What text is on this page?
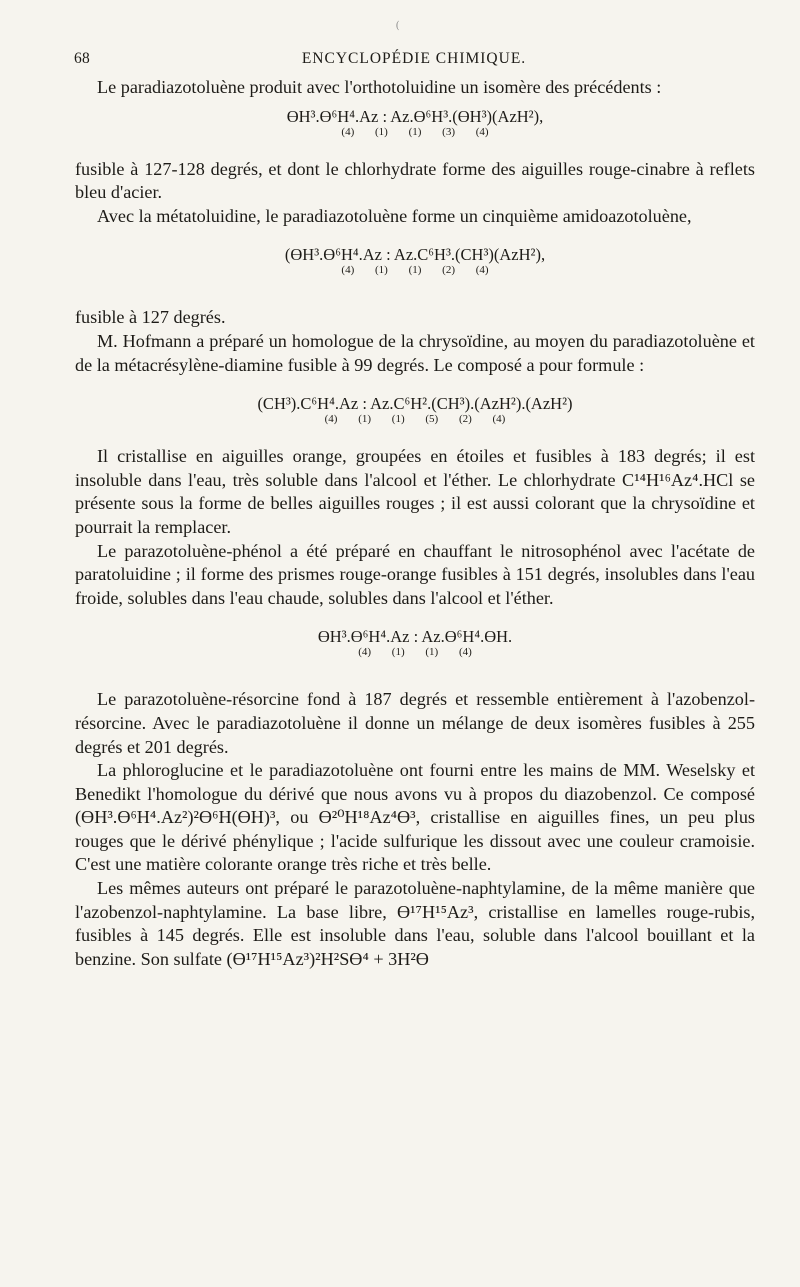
(
68	ENCYCLOPÉDIE CHIMIQUE.

Le paradiazotoluène produit avec l'orthotoluidine un isomère des précédents :

ƟH³.Ɵ⁶H⁴.Az : Az.Ɵ⁶H³.(ƟH³)(AzH²),
(4) (1) (1) (3) (4)

fusible à 127-128 degrés, et dont le chlorhydrate forme des aiguilles rouge-cinabre à reflets bleu d'acier.

Avec la métatoluidine, le paradiazotoluène forme un cinquième amidoazotoluène,

(ƟH³.Ɵ⁶H⁴.Az : Az.C⁶H³.(CH³)(AzH²),
(4) (1) (1) (2) (4)

fusible à 127 degrés.

M. Hofmann a préparé un homologue de la chrysoïdine, au moyen du paradiazotoluène et de la métacrésylène-diamine fusible à 99 degrés. Le composé a pour formule :

(CH³).C⁶H⁴.Az : Az.C⁶H².(CH³).(AzH²).(AzH²)
(4) (1) (1) (5) (2) (4)

Il cristallise en aiguilles orange, groupées en étoiles et fusibles à 183 degrés; il est insoluble dans l'eau, très soluble dans l'alcool et l'éther. Le chlorhydrate C¹⁴H¹⁶Az⁴.HCl se présente sous la forme de belles aiguilles rouges ; il est aussi colorant que la chrysoïdine et pourrait la remplacer.

Le parazotoluène-phénol a été préparé en chauffant le nitrosophénol avec l'acétate de paratoluidine ; il forme des prismes rouge-orange fusibles à 151 degrés, insolubles dans l'eau froide, solubles dans l'eau chaude, solubles dans l'alcool et l'éther.

ƟH³.Ɵ⁶H⁴.Az : Az.Ɵ⁶H⁴.ƟH.
(4) (1) (1) (4)

Le parazotoluène-résorcine fond à 187 degrés et ressemble entièrement à l'azobenzol-résorcine. Avec le paradiazotoluène il donne un mélange de deux isomères fusibles à 255 degrés et 201 degrés.

La phloroglucine et le paradiazotoluène ont fourni entre les mains de MM. Weselsky et Benedikt l'homologue du dérivé que nous avons vu à propos du diazobenzol. Ce composé (ƟH³.Ɵ⁶H⁴.Az²)²Ɵ⁶H(ƟH)³, ou Ɵ²⁰H¹⁸Az⁴Ɵ³, cristallise en aiguilles fines, un peu plus rouges que le dérivé phénylique ; l'acide sulfurique les dissout avec une couleur cramoisie. C'est une matière colorante orange très riche et très belle.

Les mêmes auteurs ont préparé le parazotoluène-naphtylamine, de la même manière que l'azobenzol-naphtylamine. La base libre, Ɵ¹⁷H¹⁵Az³, cristallise en lamelles rouge-rubis, fusibles à 145 degrés. Elle est insoluble dans l'eau, soluble dans l'alcool bouillant et la benzine. Son sulfate (Ɵ¹⁷H¹⁵Az³)²H²SƟ⁴ + 3H²Ɵ
